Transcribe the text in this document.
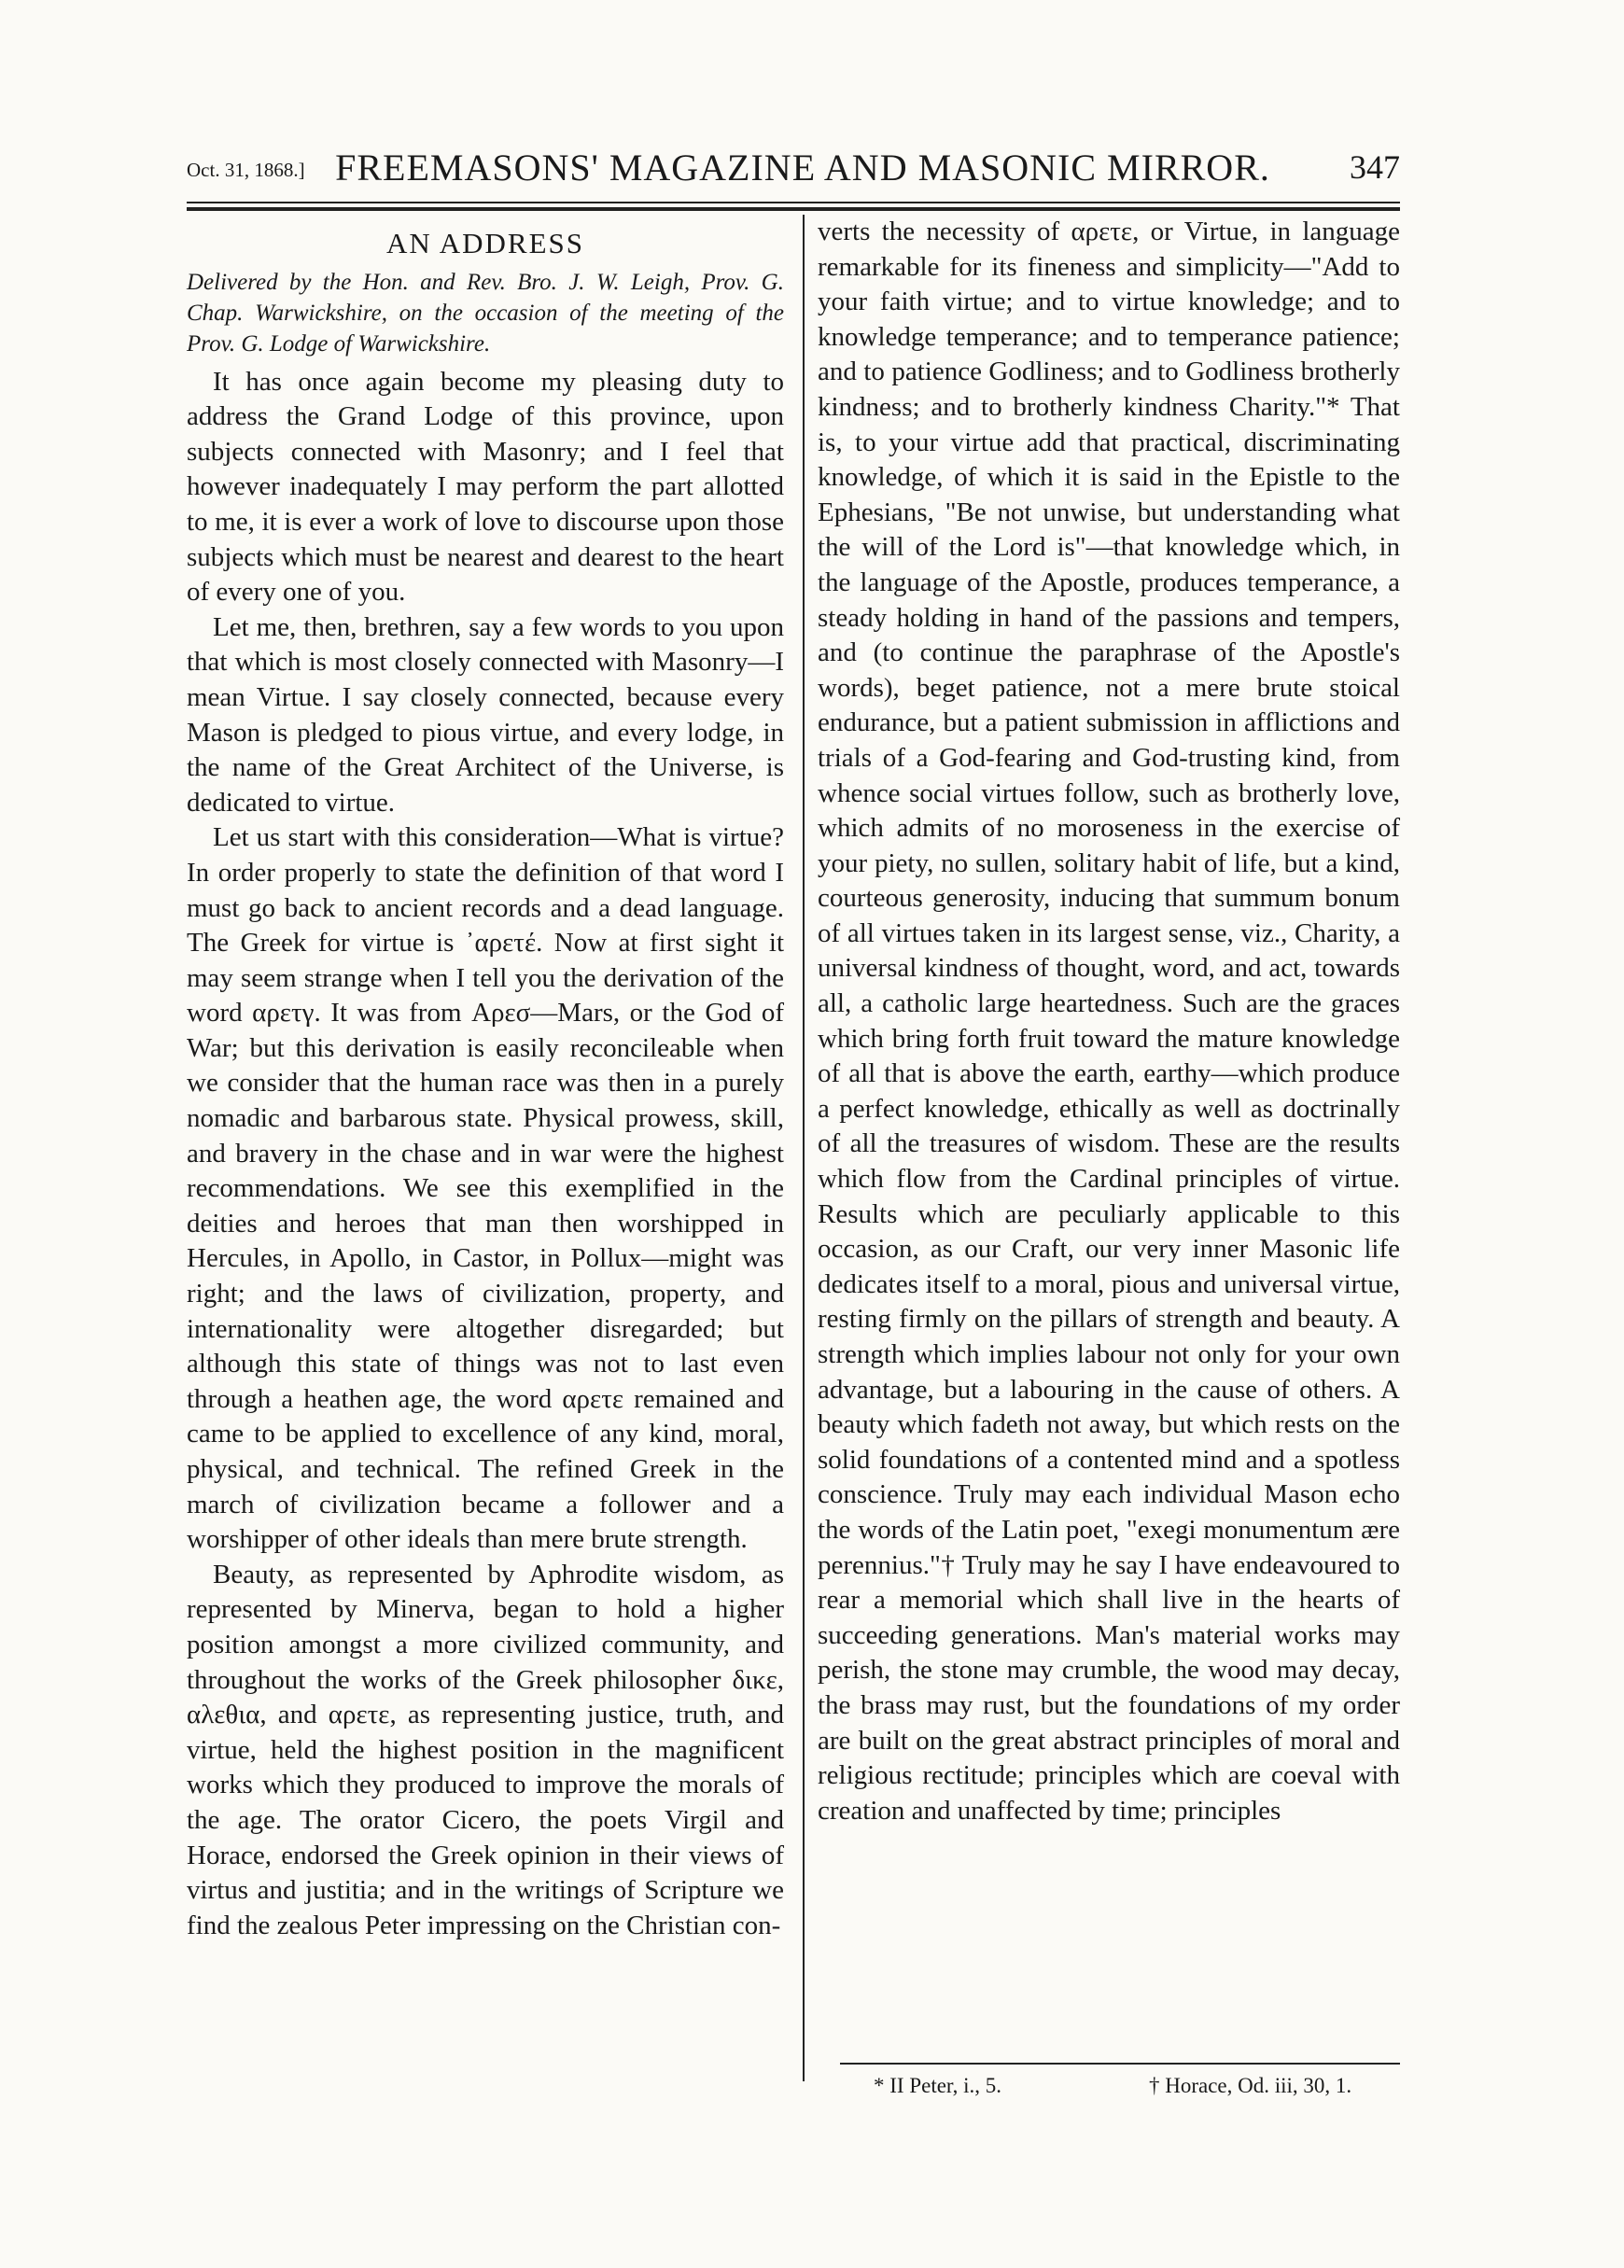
Oct. 31, 1868.] FREEMASONS' MAGAZINE AND MASONIC MIRROR.	347
AN ADDRESS

Delivered by the Hon. and Rev. Bro. J. W. Leigh, Prov. G. Chap. Warwickshire, on the occasion of the meeting of the Prov. G. Lodge of Warwickshire.

It has once again become my pleasing duty to address the Grand Lodge of this province, upon subjects connected with Masonry; and I feel that however inadequately I may perform the part allotted to me, it is ever a work of love to discourse upon those subjects which must be nearest and dearest to the heart of every one of you.

Let me, then, brethren, say a few words to you upon that which is most closely connected with Masonry—I mean Virtue. I say closely connected, because every Mason is pledged to pious virtue, and every lodge, in the name of the Great Architect of the Universe, is dedicated to virtue.

Let us start with this consideration—What is virtue? In order properly to state the definition of that word I must go back to ancient records and a dead language. The Greek for virtue is ᾽αρετέ. Now at first sight it may seem strange when I tell you the derivation of the word αρετγ. It was from Αρεσ—Mars, or the God of War; but this derivation is easily reconcileable when we consider that the human race was then in a purely nomadic and barbarous state. Physical prowess, skill, and bravery in the chase and in war were the highest recommendations. We see this exemplified in the deities and heroes that man then worshipped in Hercules, in Apollo, in Castor, in Pollux—might was right; and the laws of civilization, property, and internationality were altogether disregarded; but although this state of things was not to last even through a heathen age, the word αρετε remained and came to be applied to excellence of any kind, moral, physical, and technical. The refined Greek in the march of civilization became a follower and a worshipper of other ideals than mere brute strength.

Beauty, as represented by Aphrodite wisdom, as represented by Minerva, began to hold a higher position amongst a more civilized community, and throughout the works of the Greek philosopher δικε, αλεθια, and αρετε, as representing justice, truth, and virtue, held the highest position in the magnificent works which they produced to improve the morals of the age. The orator Cicero, the poets Virgil and Horace, endorsed the Greek opinion in their views of virtus and justitia; and in the writings of Scripture we find the zealous Peter impressing on the Christian con-

verts the necessity of αρετε, or Virtue, in language remarkable for its fineness and simplicity—"Add to your faith virtue; and to virtue knowledge; and to knowledge temperance; and to temperance patience; and to patience Godliness; and to Godliness brotherly kindness; and to brotherly kindness Charity."* That is, to your virtue add that practical, discriminating knowledge, of which it is said in the Epistle to the Ephesians, "Be not unwise, but understanding what the will of the Lord is"—that knowledge which, in the language of the Apostle, produces temperance, a steady holding in hand of the passions and tempers, and (to continue the paraphrase of the Apostle's words), beget patience, not a mere brute stoical endurance, but a patient submission in afflictions and trials of a God-fearing and God-trusting kind, from whence social virtues follow, such as brotherly love, which admits of no moroseness in the exercise of your piety, no sullen, solitary habit of life, but a kind, courteous generosity, inducing that summum bonum of all virtues taken in its largest sense, viz., Charity, a universal kindness of thought, word, and act, towards all, a catholic large heartedness. Such are the graces which bring forth fruit toward the mature knowledge of all that is above the earth, earthy—which produce a perfect knowledge, ethically as well as doctrinally of all the treasures of wisdom. These are the results which flow from the Cardinal principles of virtue. Results which are peculiarly applicable to this occasion, as our Craft, our very inner Masonic life dedicates itself to a moral, pious and universal virtue, resting firmly on the pillars of strength and beauty. A strength which implies labour not only for your own advantage, but a labouring in the cause of others. A beauty which fadeth not away, but which rests on the solid foundations of a contented mind and a spotless conscience. Truly may each individual Mason echo the words of the Latin poet, "exegi monumentum ære perennius."† Truly may he say I have endeavoured to rear a memorial which shall live in the hearts of succeeding generations. Man's material works may perish, the stone may crumble, the wood may decay, the brass may rust, but the foundations of my order are built on the great abstract principles of moral and religious rectitude; principles which are coeval with creation and unaffected by time; principles

* II Peter, i., 5.	† Horace, Od. iii, 30, 1.
